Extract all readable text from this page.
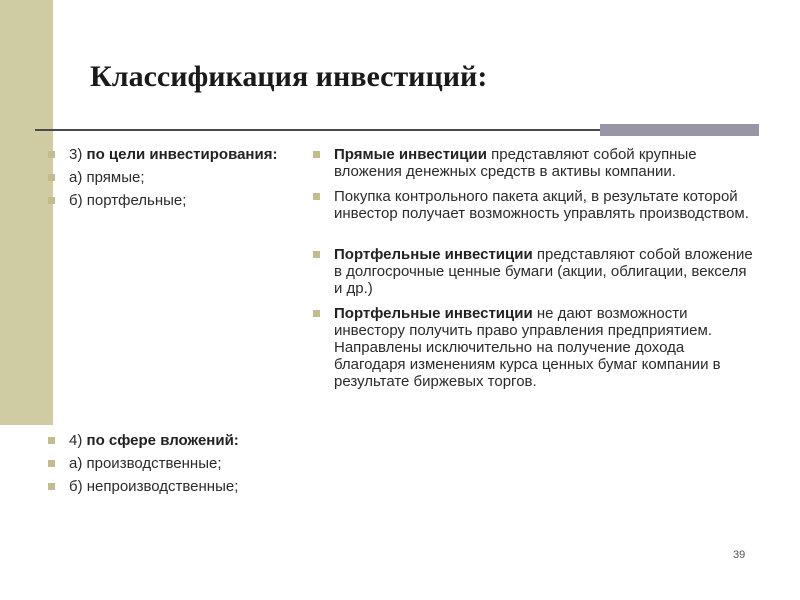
Классификация инвестиций:
3) по цели инвестирования:
а) прямые;
б) портфельные;
4) по сфере вложений:
а) производственные;
б) непроизводственные;
Прямые инвестиции представляют собой крупные вложения денежных средств в активы компании.
Покупка контрольного пакета акций, в результате которой инвестор получает возможность управлять производством.
Портфельные инвестиции представляют собой вложение в долгосрочные ценные бумаги (акции, облигации, векселя и др.)
Портфельные инвестиции не дают возможности инвестору получить право управления предприятием. Направлены исключительно на получение дохода благодаря изменениям курса ценных бумаг компании в результате биржевых торгов.
39
